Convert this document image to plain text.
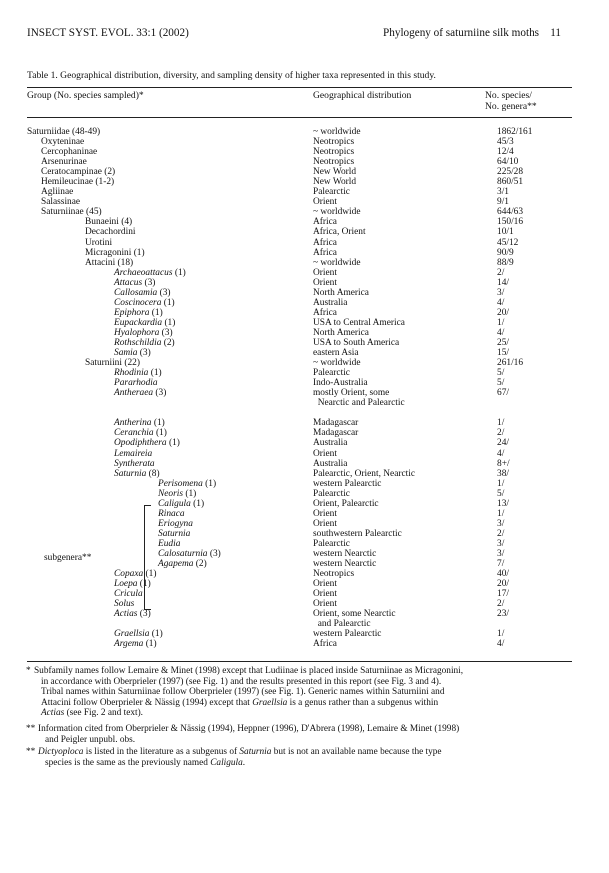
INSECT SYST. EVOL. 33:1 (2002)	Phylogeny of saturniine silk moths 11
Table 1. Geographical distribution, diversity, and sampling density of higher taxa represented in this study.
Group (No. species sampled)*	Geographical distribution	No. species/
No. genera**
Saturniidae (48-49)	~ worldwide	1862/161
Oxyteninae	Neotropics	45/3
Cercophaninae	Neotropics	12/4
Arsenurinae	Neotropics	64/10
Ceratocampinae (2)	New World	225/28
Hemileucinae (1-2)	New World	860/51
Agliinae	Palearctic	3/1
Salassinae	Orient	9/1
Saturniinae (45)	~ worldwide	644/63
Bunaeini (4)	Africa	150/16
Decachordini	Africa, Orient	10/1
Urotini	Africa	45/12
Micragonini (1)	Africa	90/9
Attacini (18)	~ worldwide	88/9
Archaeoattacus (1)	Orient	2/
Attacus (3)	Orient	14/
Callosamia (3)	North America	3/
Coscinocera (1)	Australia	4/
Epiphora (1)	Africa	20/
Eupackardia (1)	USA to Central America	1/
Hyalophora (3)	North America	4/
Rothschildia (2)	USA to South America	25/
Samia (3)	eastern Asia	15/
Saturniini (22)	~ worldwide	261/16
Rhodinia (1)	Palearctic	5/
Pararhodia	Indo-Australia	5/
Antheraea (3)	mostly Orient, some	67/
Nearctic and Palearctic
Antherina (1)	Madagascar	1/
Ceranchia (1)	Madagascar	2/
Opodiphthera (1)	Australia	24/
Lemaireia	Orient	4/
Syntherata	Australia	8+/
Saturnia (8)	Palearctic, Orient, Nearctic	38/
Perisomena (1)	western Palearctic	1/
Neoris (1)	Palearctic	5/
Caligula (1)	Orient, Palearctic	13/
Rinaca	Orient	1/
Eriogyna	Orient	3/
Saturnia	southwestern Palearctic	2/
Eudia	Palearctic	3/
Calosaturnia (3)	western Nearctic	3/
Agapema (2)	western Nearctic	7/
Copaxa (1)	Neotropics	40/
Loepa (1)	Orient	20/
Cricula	Orient	17/
Solus	Orient	2/
Actias (3)	Orient, some Nearctic	23/
and Palearctic
Graellsia (1)	western Palearctic	1/
Argema (1)	Africa	4/
subgenera**
* Subfamily names follow Lemaire & Minet (1998) except that Ludiinae is placed inside Saturniinae as Micragonini,
in accordance with Oberprieler (1997) (see Fig. 1) and the results presented in this report (see Fig. 3 and 4).
Tribal names within Saturniinae follow Oberprieler (1997) (see Fig. 1). Generic names within Saturniini and
Attacini follow Oberprieler & Nässig (1994) except that Graellsia is a genus rather than a subgenus within
Actias (see Fig. 2 and text).
** Information cited from Oberprieler & Nässig (1994), Heppner (1996), D'Abrera (1998), Lemaire & Minet (1998)
and Peigler unpubl. obs.
** Dictyoploca is listed in the literature as a subgenus of Saturnia but is not an available name because the type
species is the same as the previously named Caligula.
